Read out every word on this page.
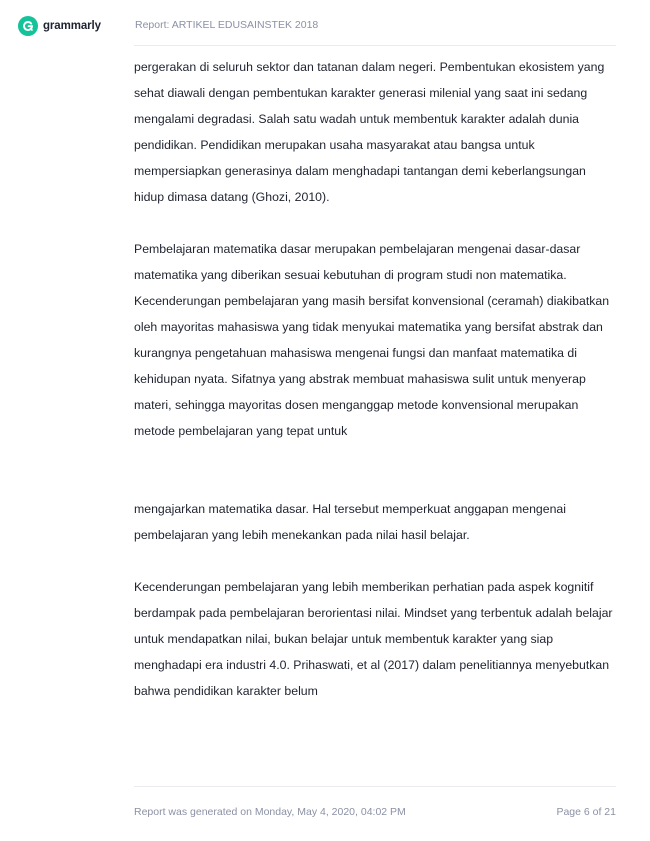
grammarly	Report: ARTIKEL EDUSAINSTEK 2018

pergerakan di seluruh sektor dan tatanan dalam negeri. Pembentukan ekosistem yang sehat diawali dengan pembentukan karakter generasi milenial yang saat ini sedang mengalami degradasi. Salah satu wadah untuk membentuk karakter adalah dunia pendidikan. Pendidikan merupakan usaha masyarakat atau bangsa untuk mempersiapkan generasinya dalam menghadapi tantangan demi keberlangsungan hidup dimasa datang (Ghozi, 2010).

Pembelajaran matematika dasar merupakan pembelajaran mengenai dasar-dasar matematika yang diberikan sesuai kebutuhan di program studi non matematika. Kecenderungan pembelajaran yang masih bersifat konvensional (ceramah) diakibatkan oleh mayoritas mahasiswa yang tidak menyukai matematika yang bersifat abstrak dan kurangnya pengetahuan mahasiswa mengenai fungsi dan manfaat matematika di kehidupan nyata. Sifatnya yang abstrak membuat mahasiswa sulit untuk menyerap materi, sehingga mayoritas dosen menganggap metode konvensional merupakan metode pembelajaran yang tepat untuk

mengajarkan matematika dasar. Hal tersebut memperkuat anggapan mengenai pembelajaran yang lebih menekankan pada nilai hasil belajar.

Kecenderungan pembelajaran yang lebih memberikan perhatian pada aspek kognitif berdampak pada pembelajaran berorientasi nilai. Mindset yang terbentuk adalah belajar untuk mendapatkan nilai, bukan belajar untuk membentuk karakter yang siap menghadapi era industri 4.0. Prihaswati, et al (2017) dalam penelitiannya menyebutkan bahwa pendidikan karakter belum

Report was generated on Monday, May 4, 2020, 04:02 PM	Page 6 of 21
